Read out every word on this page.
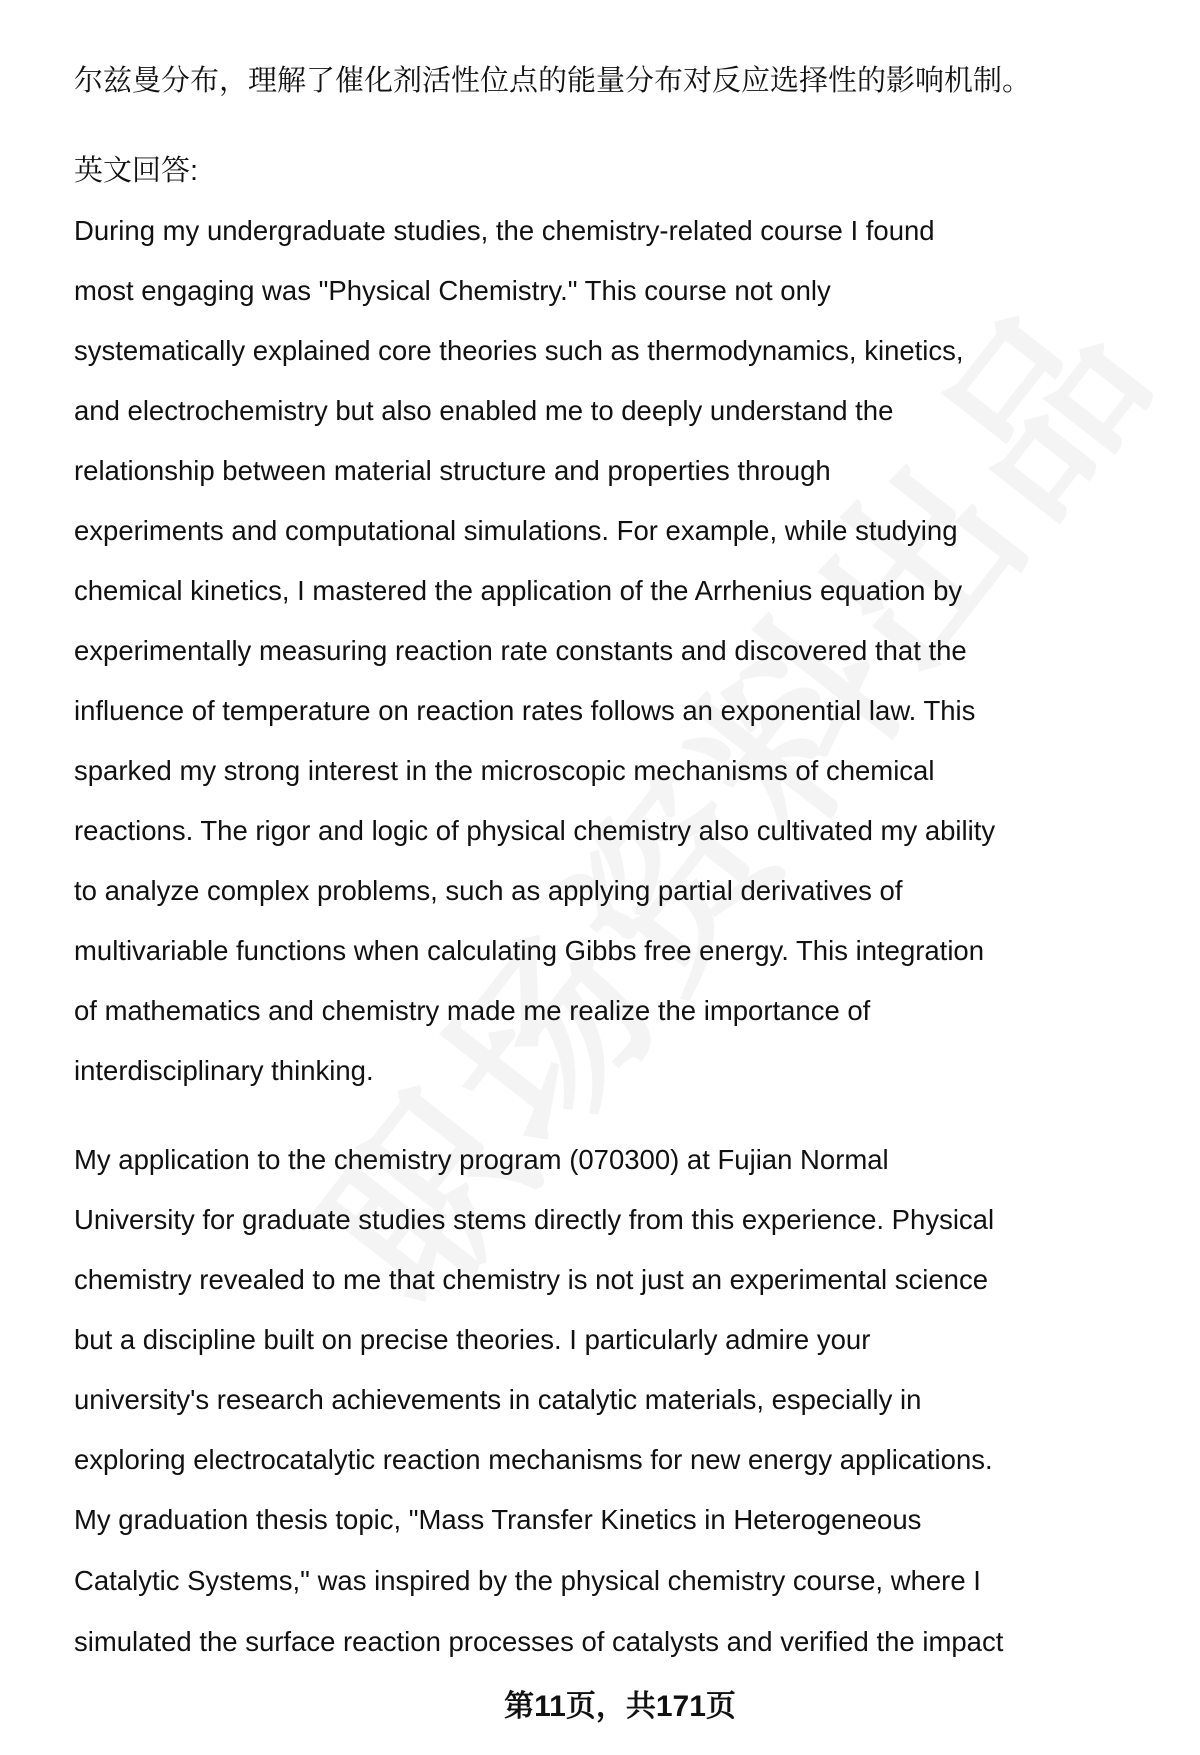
尔兹曼分布，理解了催化剂活性位点的能量分布对反应选择性的影响机制。
英文回答:
During my undergraduate studies, the chemistry-related course I found
most engaging was "Physical Chemistry." This course not only
systematically explained core theories such as thermodynamics, kinetics,
and electrochemistry but also enabled me to deeply understand the
relationship between material structure and properties through
experiments and computational simulations. For example, while studying
chemical kinetics, I mastered the application of the Arrhenius equation by
experimentally measuring reaction rate constants and discovered that the
influence of temperature on reaction rates follows an exponential law. This
sparked my strong interest in the microscopic mechanisms of chemical
reactions. The rigor and logic of physical chemistry also cultivated my ability
to analyze complex problems, such as applying partial derivatives of
multivariable functions when calculating Gibbs free energy. This integration
of mathematics and chemistry made me realize the importance of
interdisciplinary thinking.
My application to the chemistry program (070300) at Fujian Normal
University for graduate studies stems directly from this experience. Physical
chemistry revealed to me that chemistry is not just an experimental science
but a discipline built on precise theories. I particularly admire your
university's research achievements in catalytic materials, especially in
exploring electrocatalytic reaction mechanisms for new energy applications.
My graduation thesis topic, "Mass Transfer Kinetics in Heterogeneous
Catalytic Systems," was inspired by the physical chemistry course, where I
simulated the surface reaction processes of catalysts and verified the impact
第11页，共171页
